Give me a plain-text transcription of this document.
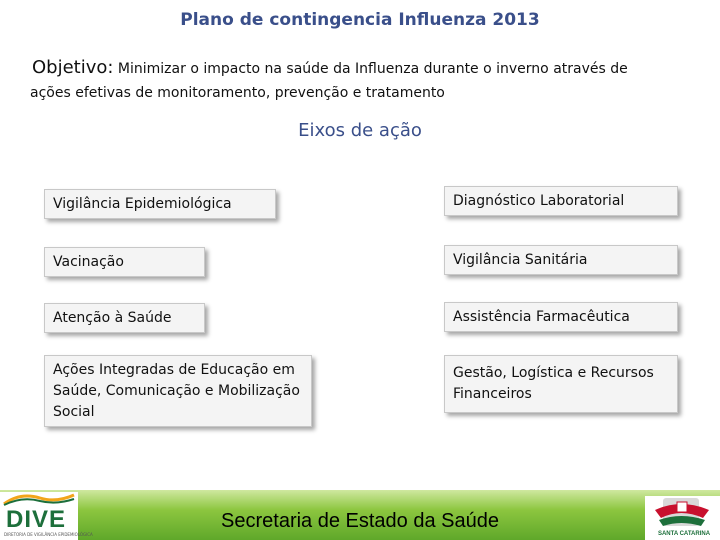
Plano de contingencia Influenza 2013
Objetivo: Minimizar o impacto na saúde da Influenza durante o inverno através de
ações efetivas de monitoramento, prevenção e tratamento
Eixos de ação
Vigilância Epidemiológica
Vacinação
Atenção à Saúde
Ações Integradas de Educação em Saúde, Comunicação e Mobilização Social
Diagnóstico Laboratorial
Vigilância Sanitária
Assistência Farmacêutica
Gestão, Logística e Recursos Financeiros
Secretaria de Estado da Saúde
DIVE
DIRETORIA DE VIGILÂNCIA EPIDEMIOLÓGICA	SANTA CATARINA
